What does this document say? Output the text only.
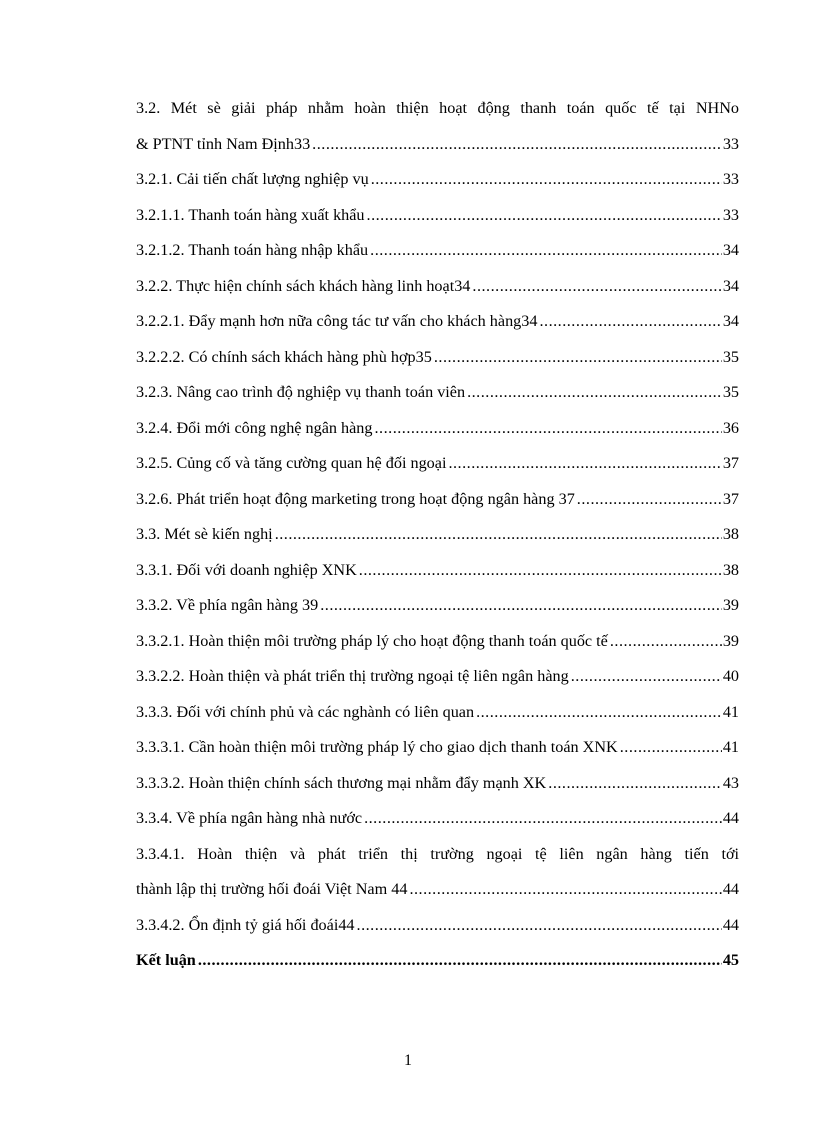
3.2. Mét sè giải pháp nhằm hoàn thiện hoạt động thanh toán quốc tế tại NHNo
& PTNT tỉnh Nam Định33 .....	33
3.2.1. Cải tiến chất lượng nghiệp vụ .....	33
3.2.1.1. Thanh toán hàng xuất khẩu .....	33
3.2.1.2. Thanh toán hàng nhập khẩu .....	34
3.2.2. Thực hiện chính sách khách hàng linh hoạt34 .....	34
3.2.2.1. Đẩy mạnh hơn nữa công tác tư vấn cho khách hàng34 .....	34
3.2.2.2. Có chính sách khách hàng phù hợp35 .....	35
3.2.3. Nâng cao trình độ nghiệp vụ thanh toán viên .....	35
3.2.4. Đổi mới công nghệ ngân hàng .....	36
3.2.5. Củng cố và tăng cường quan hệ đối ngoại .....	37
3.2.6. Phát triển hoạt động marketing trong hoạt động ngân hàng 37 .....	37
3.3. Mét sè kiến nghị .....	38
3.3.1. Đối với doanh nghiệp XNK .....	38
3.3.2. Về phía ngân hàng 39 .....	39
3.3.2.1. Hoàn thiện môi trường pháp lý cho hoạt động thanh toán quốc tế .....	39
3.3.2.2. Hoàn thiện và phát triển thị trường ngoại tệ liên ngân hàng .....	40
3.3.3. Đối với chính phủ và các nghành có liên quan .....	41
3.3.3.1. Cần hoàn thiện môi trường pháp lý cho giao dịch thanh toán XNK .....	41
3.3.3.2. Hoàn thiện chính sách thương mại nhằm đẩy mạnh XK .....	43
3.3.4. Về phía ngân hàng nhà nước .....	44
3.3.4.1. Hoàn thiện và phát triển thị trường ngoại tệ liên ngân hàng tiến tới
thành lập thị trường hối đoái Việt Nam 44 .....	44
3.3.4.2. Ổn định tỷ giá hối đoái44 .....	44
Kết luận .....	45
1
